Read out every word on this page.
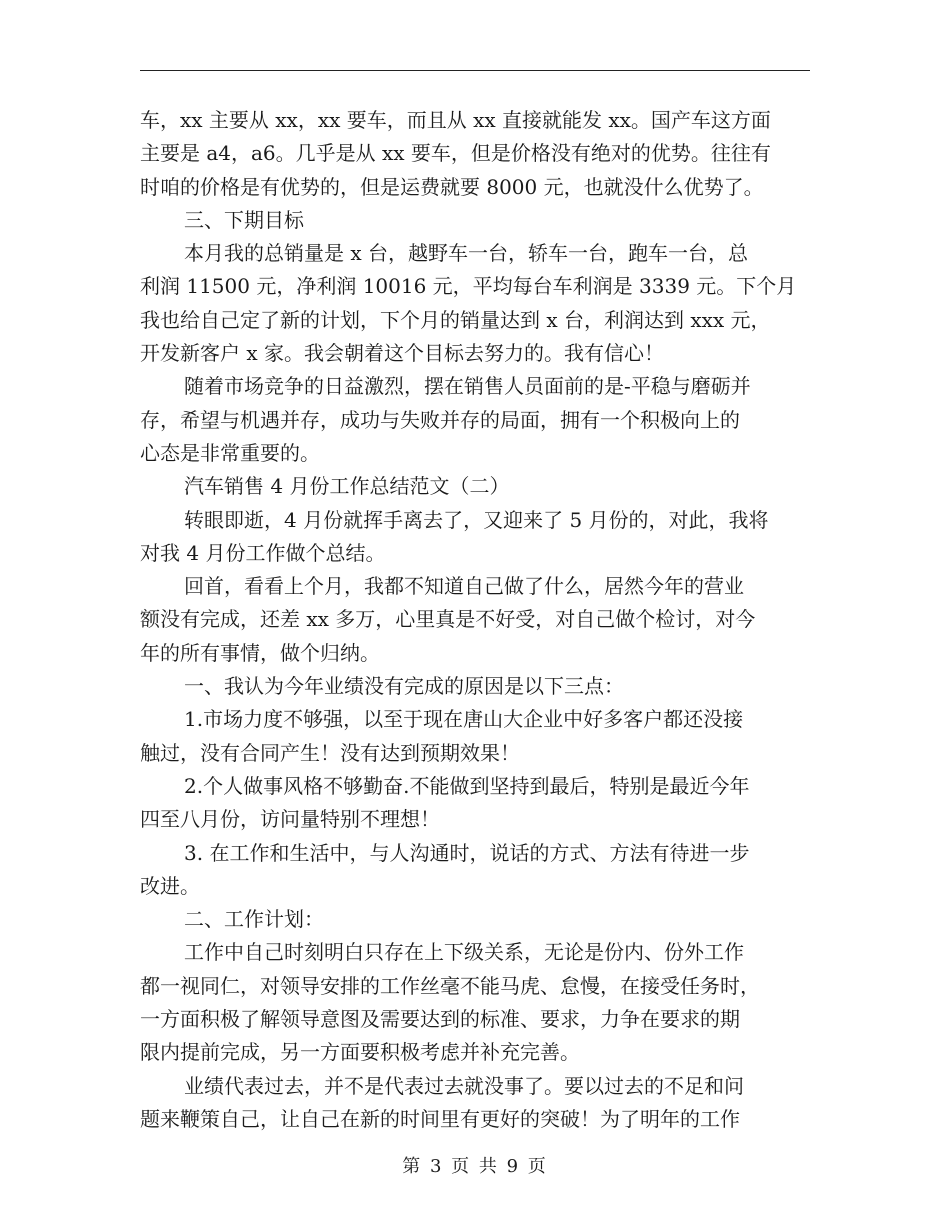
车，xx 主要从 xx，xx 要车，而且从 xx 直接就能发 xx。国产车这方面
主要是 a4，a6。几乎是从 xx 要车，但是价格没有绝对的优势。往往有
时咱的价格是有优势的，但是运费就要 8000 元，也就没什么优势了。
三、下期目标
本月我的总销量是 x 台，越野车一台，轿车一台，跑车一台，总
利润 11500 元，净利润 10016 元，平均每台车利润是 3339 元。下个月
我也给自己定了新的计划，下个月的销量达到 x 台，利润达到 xxx 元，
开发新客户 x 家。我会朝着这个目标去努力的。我有信心！
随着市场竞争的日益激烈，摆在销售人员面前的是-平稳与磨砺并
存，希望与机遇并存，成功与失败并存的局面，拥有一个积极向上的
心态是非常重要的。
汽车销售 4 月份工作总结范文（二）
转眼即逝，4 月份就挥手离去了，又迎来了 5 月份的，对此，我将
对我 4 月份工作做个总结。
回首，看看上个月，我都不知道自己做了什么，居然今年的营业
额没有完成，还差 xx 多万，心里真是不好受，对自己做个检讨，对今
年的所有事情，做个归纳。
一、我认为今年业绩没有完成的原因是以下三点：
1.市场力度不够强，以至于现在唐山大企业中好多客户都还没接
触过，没有合同产生！没有达到预期效果！
2.个人做事风格不够勤奋.不能做到坚持到最后，特别是最近今年
四至八月份，访问量特别不理想！
3. 在工作和生活中，与人沟通时，说话的方式、方法有待进一步
改进。
二、工作计划：
工作中自己时刻明白只存在上下级关系，无论是份内、份外工作
都一视同仁，对领导安排的工作丝毫不能马虎、怠慢，在接受任务时，
一方面积极了解领导意图及需要达到的标准、要求，力争在要求的期
限内提前完成，另一方面要积极考虑并补充完善。
业绩代表过去，并不是代表过去就没事了。要以过去的不足和问
题来鞭策自己，让自己在新的时间里有更好的突破！为了明年的工作
第 3 页 共 9 页
